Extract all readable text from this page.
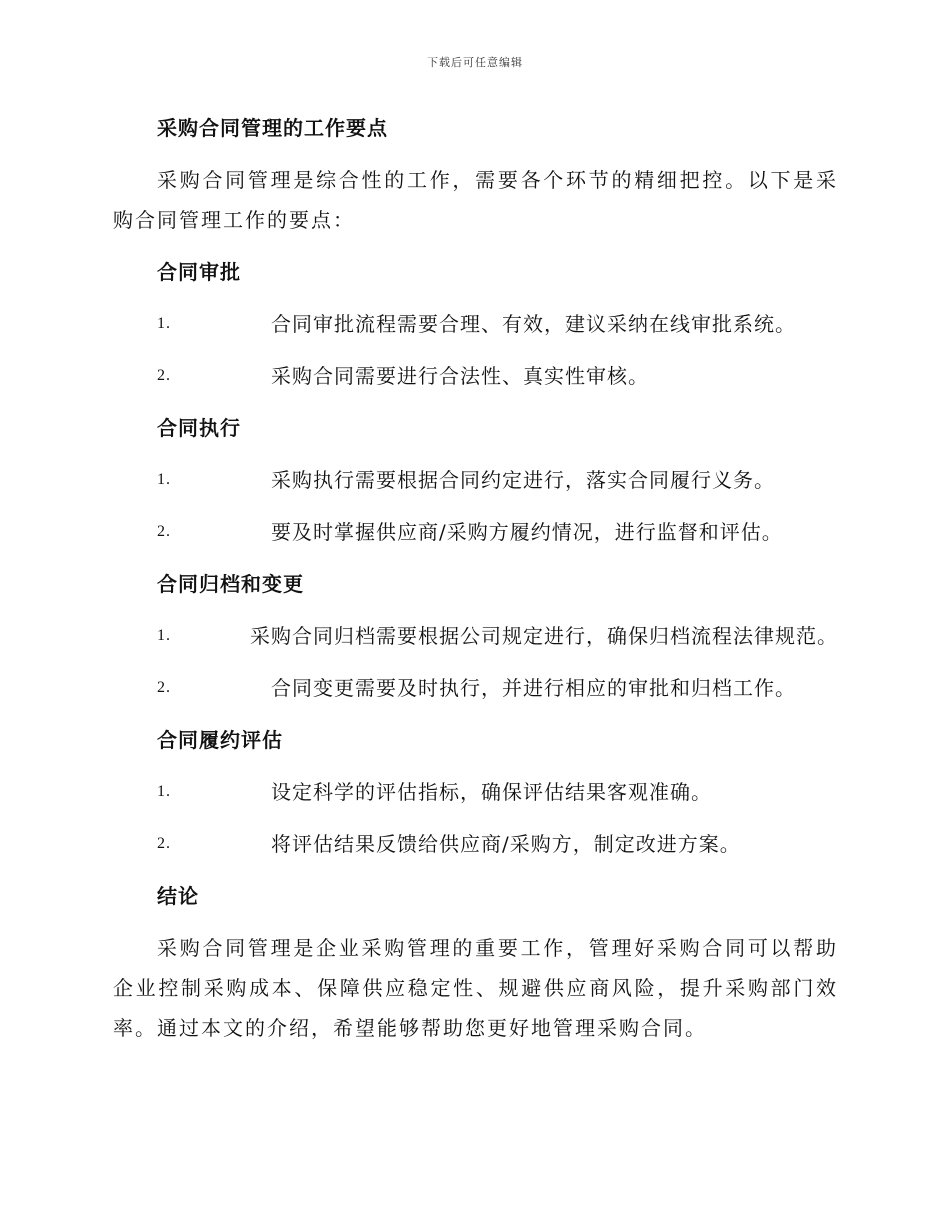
下载后可任意编辑
采购合同管理的工作要点

采购合同管理是综合性的工作，需要各个环节的精细把控。以下是采购合同管理工作的要点：

合同审批
1.	合同审批流程需要合理、有效，建议采纳在线审批系统。
2.	采购合同需要进行合法性、真实性审核。
合同执行
1.	采购执行需要根据合同约定进行，落实合同履行义务。
2.	要及时掌握供应商/采购方履约情况，进行监督和评估。
合同归档和变更
1.	采购合同归档需要根据公司规定进行，确保归档流程法律规范。
2.	合同变更需要及时执行，并进行相应的审批和归档工作。
合同履约评估
1.	设定科学的评估指标，确保评估结果客观准确。
2.	将评估结果反馈给供应商/采购方，制定改进方案。
结论

采购合同管理是企业采购管理的重要工作，管理好采购合同可以帮助企业控制采购成本、保障供应稳定性、规避供应商风险，提升采购部门效率。通过本文的介绍，希望能够帮助您更好地管理采购合同。
